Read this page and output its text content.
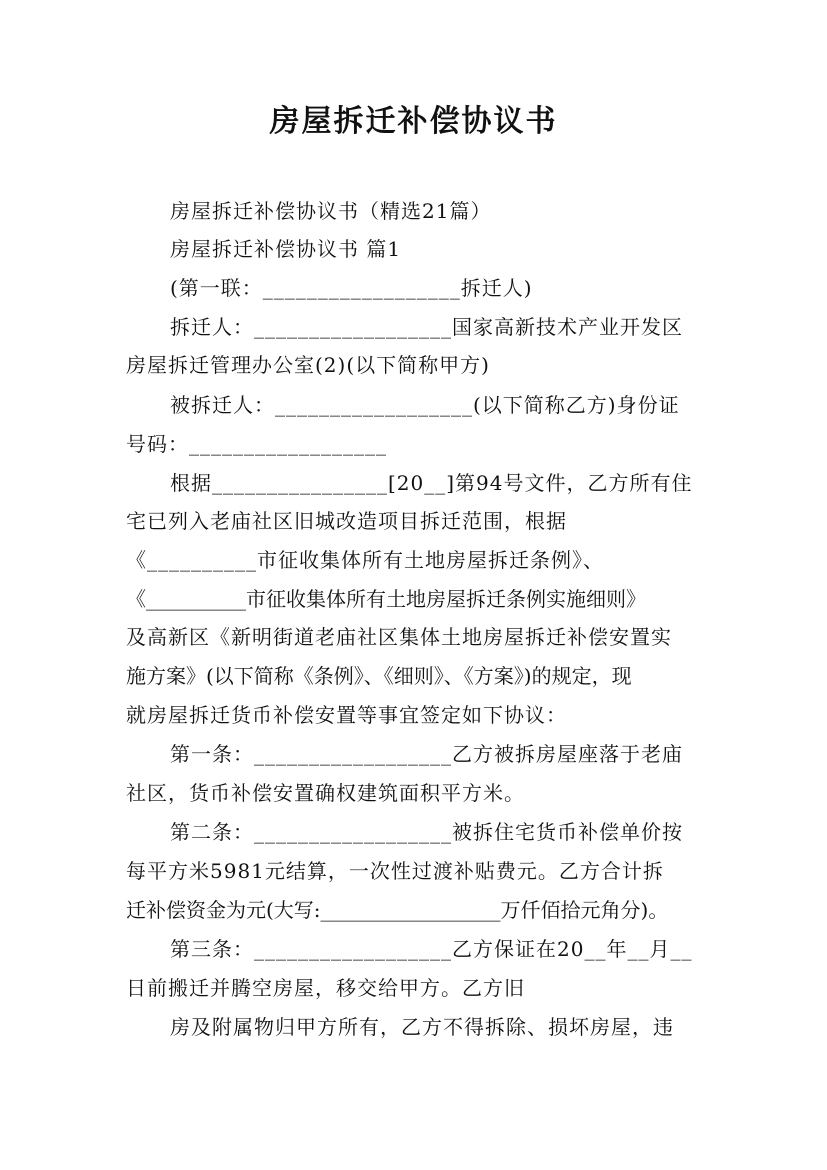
房屋拆迁补偿协议书
房屋拆迁补偿协议书（精选21篇）
房屋拆迁补偿协议书 篇1
(第一联：__________________拆迁人)
拆迁人：__________________国家高新技术产业开发区
房屋拆迁管理办公室(2)(以下简称甲方)
被拆迁人：__________________(以下简称乙方)身份证
号码：__________________
根据________________[20__]第94号文件，乙方所有住
宅已列入老庙社区旧城改造项目拆迁范围，根据
《__________市征收集体所有土地房屋拆迁条例》、
《__________市征收集体所有土地房屋拆迁条例实施细则》
及高新区《新明街道老庙社区集体土地房屋拆迁补偿安置实
施方案》(以下简称《条例》、《细则》、《方案》)的规定，现
就房屋拆迁货币补偿安置等事宜签定如下协议：
第一条：__________________乙方被拆房屋座落于老庙
社区，货币补偿安置确权建筑面积平方米。
第二条：__________________被拆住宅货币补偿单价按
每平方米5981元结算，一次性过渡补贴费元。乙方合计拆
迁补偿资金为元(大写:__________________万仟佰拾元角分)。
第三条：__________________乙方保证在20__年__月__
日前搬迁并腾空房屋，移交给甲方。乙方旧
房及附属物归甲方所有，乙方不得拆除、损坏房屋，违
